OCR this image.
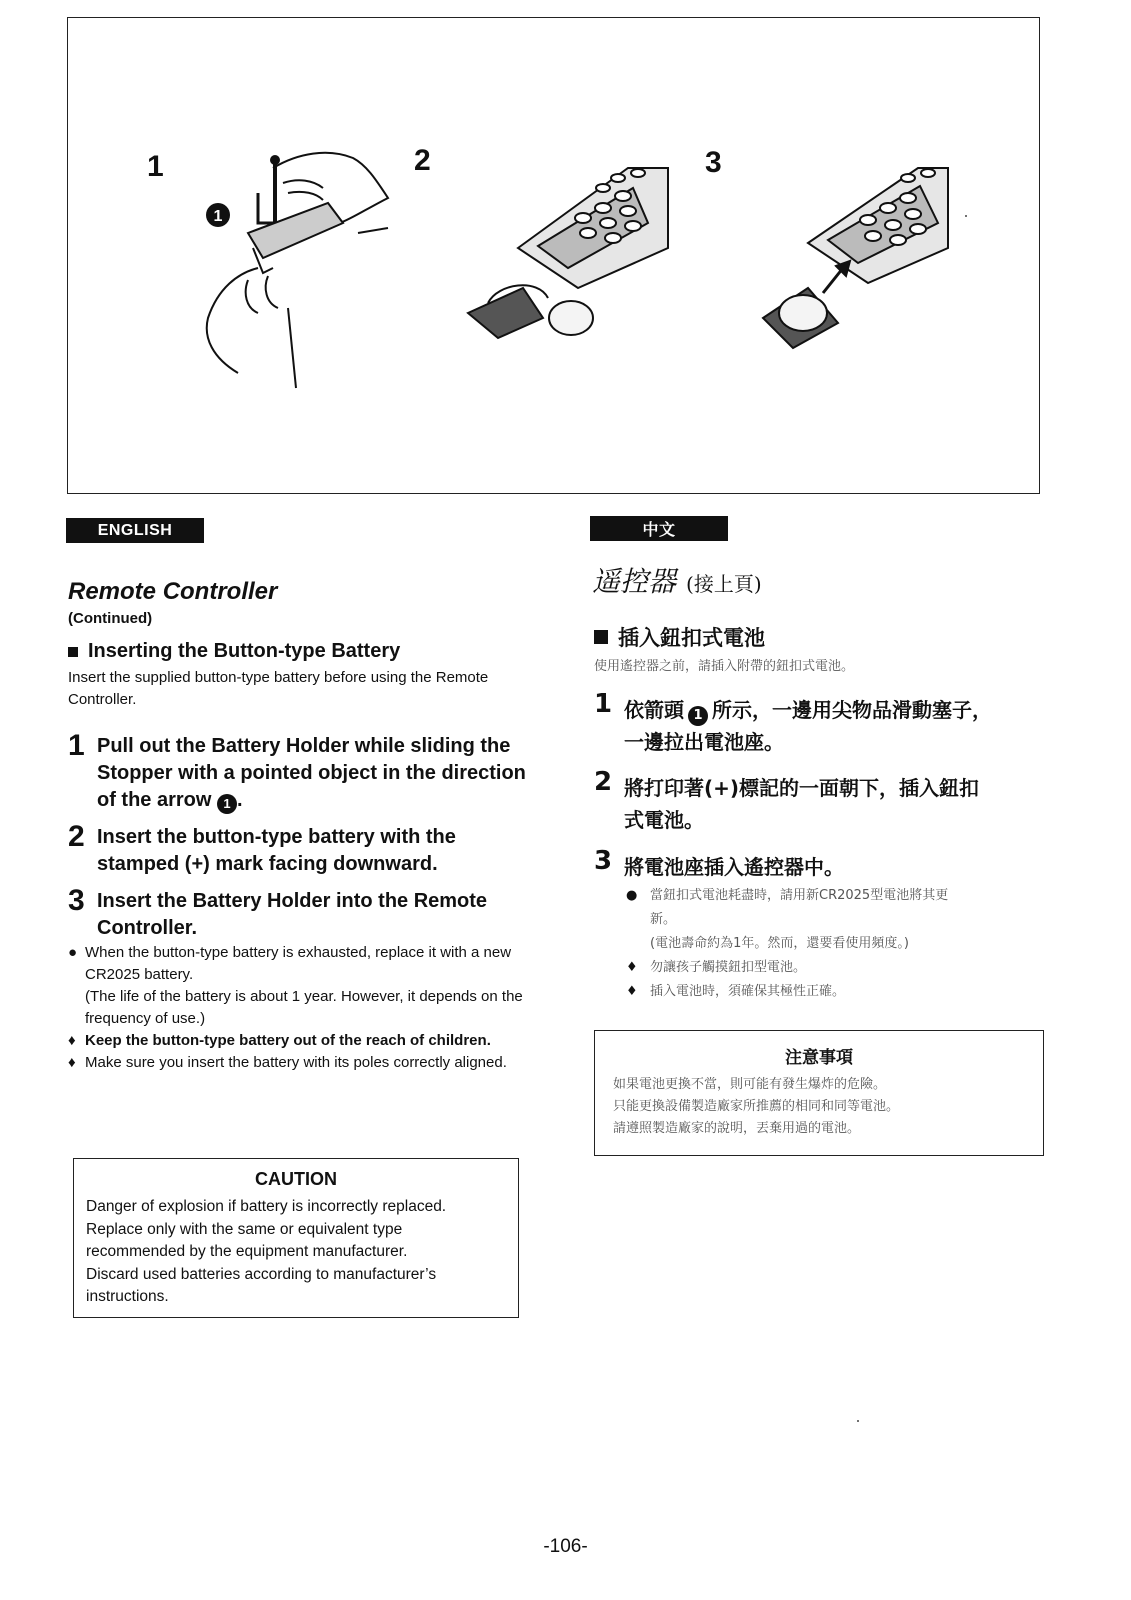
1
1	2	3
ENGLISH
Remote Controller
(Continued)
Inserting the Button-type Battery
Insert the supplied button-type battery before using the Remote Controller.
1 Pull out the Battery Holder while sliding the Stopper with a pointed object in the direction of the arrow 1 .
2 Insert the button-type battery with the stamped (+) mark facing downward.
3 Insert the Battery Holder into the Remote Controller.
● When the button-type battery is exhausted, replace it with a new CR2025 battery.
(The life of the battery is about 1 year. However, it depends on the frequency of use.)
♦ Keep the button-type battery out of the reach of children.
♦ Make sure you insert the battery with its poles correctly aligned.
CAUTION
Danger of explosion if battery is incorrectly replaced.
Replace only with the same or equivalent type
recommended by the equipment manufacturer.
Discard used batteries according to manufacturer’s
instructions.
中文
遥控器 (接上頁)
插入鈕扣式電池
使用遙控器之前，請插入附帶的鈕扣式電池。
1 依箭頭 1 所示，一邊用尖物品滑動塞子，
一邊拉出電池座。
2 將打印著(+)標記的一面朝下，插入鈕扣
式電池。
3 將電池座插入遙控器中。
● 當鈕扣式電池耗盡時，請用新CR2025型電池將其更
新。
(電池壽命約為1年。然而，還要看使用頻度。)
♦ 勿讓孩子觸摸鈕扣型電池。
♦ 插入電池時，須確保其極性正確。
注意事項
如果電池更換不當，則可能有發生爆炸的危險。
只能更換設備製造廠家所推薦的相同和同等電池。
請遵照製造廠家的說明，丟棄用過的電池。
-106-
